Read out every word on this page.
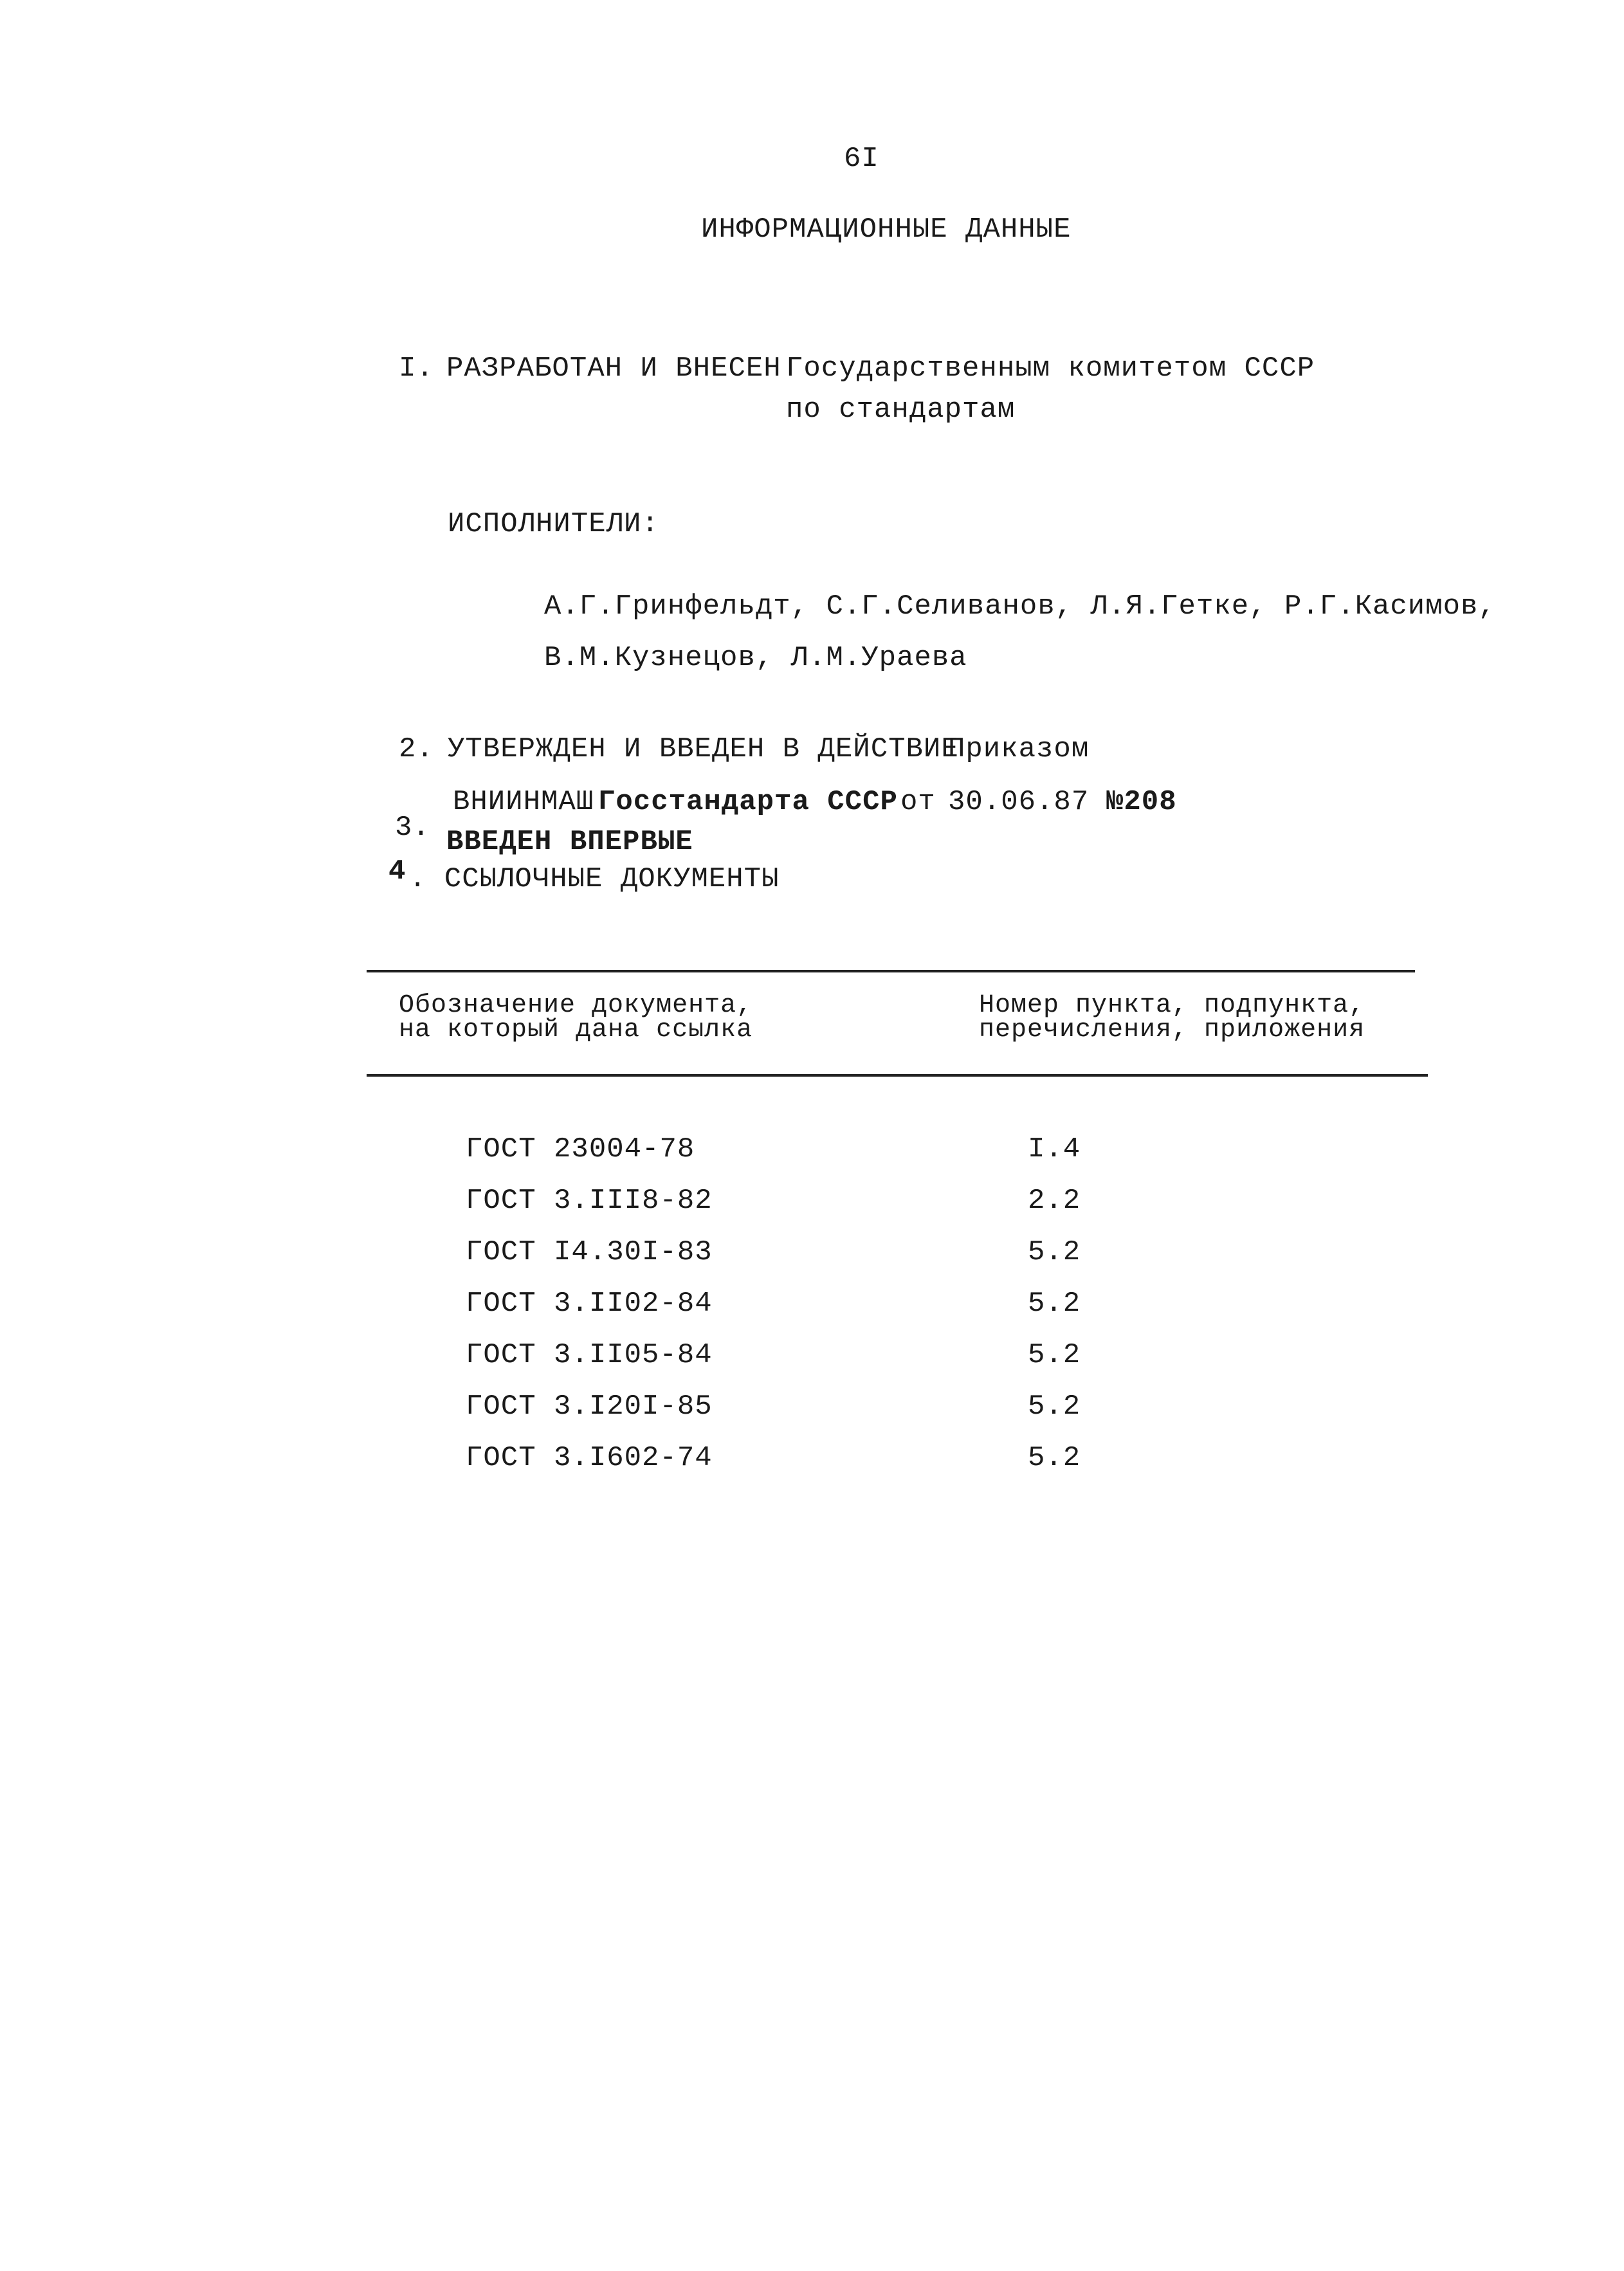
6I
ИНФОРМАЦИОННЫЕ ДАННЫЕ
I. РАЗРАБОТАН И ВНЕСЕН Государственным комитетом СССР
по стандартам
ИСПОЛНИТЕЛИ:
А.Г.Гринфельдт, С.Г.Селиванов, Л.Я.Гетке, Р.Г.Касимов,
В.М.Кузнецов, Л.М.Ураева
2. УТВЕРЖДЕН И ВВЕДЕН В ДЕЙСТВИЕ
Приказом
ВНИИНМАШ Госстандарта СССР от 30.06.87 №208
3. ВВЕДЕН ВПЕРВЫЕ
4 . ССЫЛОЧНЫЕ ДОКУМЕНТЫ
Обозначение документа,
на который дана ссылка
Номер пункта, подпункта,
перечисления, приложения
ГОСТ 23004-78	I.4
ГОСТ 3.III8-82	2.2
ГОСТ I4.30I-83	5.2
ГОСТ 3.II02-84	5.2
ГОСТ 3.II05-84	5.2
ГОСТ 3.I20I-85	5.2
ГОСТ 3.I602-74	5.2
